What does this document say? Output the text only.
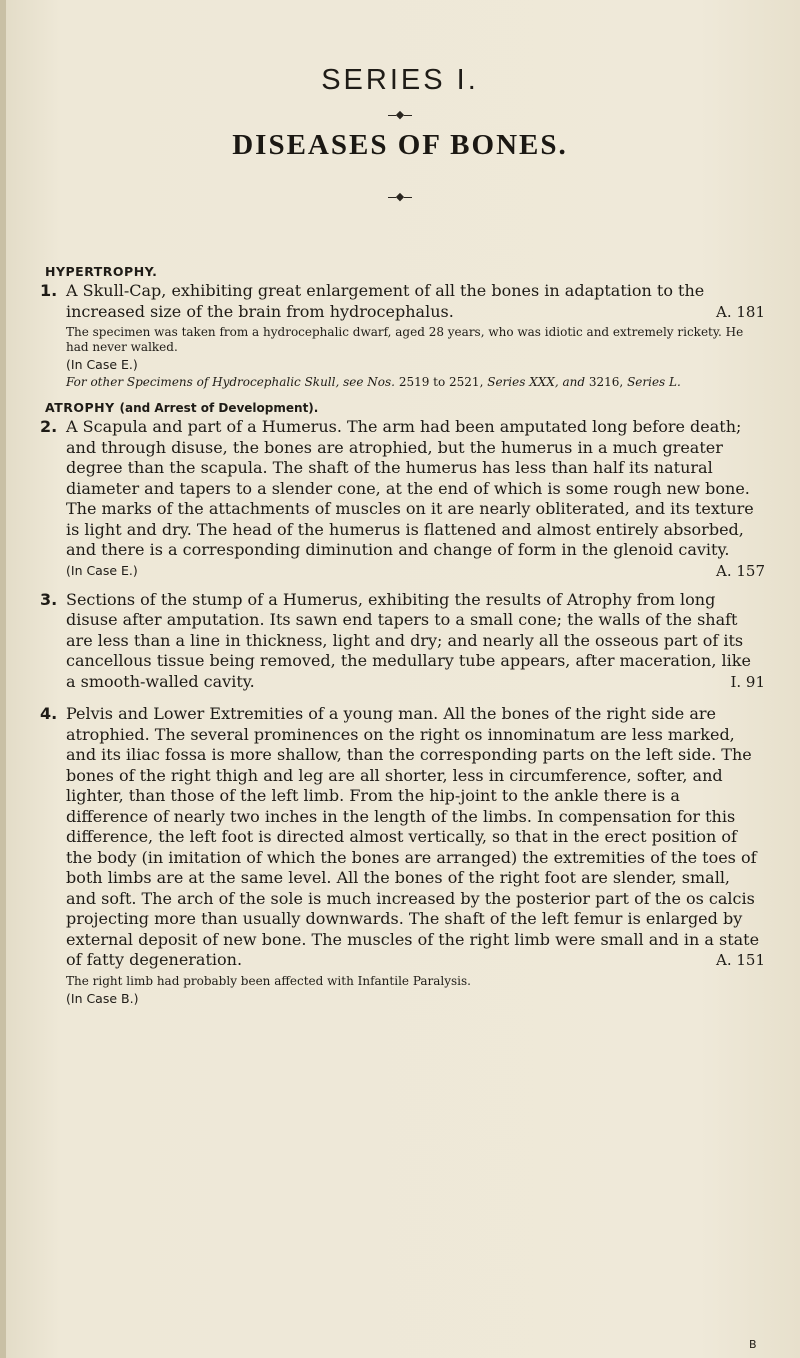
SERIES I.
◆
DISEASES OF BONES.
◆
HYPERTROPHY.
1. A Skull-Cap, exhibiting great enlargement of all the bones in adaptation to the increased size of the brain from hydrocephalus.	A. 181
The specimen was taken from a hydrocephalic dwarf, aged 28 years, who was idiotic and extremely rickety. He had never walked.
(In Case E.)
For other Specimens of Hydrocephalic Skull, see Nos. 2519 to 2521, Series XXX, and 3216, Series L.
ATROPHY (and Arrest of Development).
2. A Scapula and part of a Humerus. The arm had been amputated long before death; and through disuse, the bones are atrophied, but the humerus in a much greater degree than the scapula. The shaft of the humerus has less than half its natural diameter and tapers to a slender cone, at the end of which is some rough new bone. The marks of the attachments of muscles on it are nearly obliterated, and its texture is light and dry. The head of the humerus is flattened and almost entirely absorbed, and there is a corresponding diminution and change of form in the glenoid cavity.
A. 157
(In Case E.)
3. Sections of the stump of a Humerus, exhibiting the results of Atrophy from long disuse after amputation. Its sawn end tapers to a small cone; the walls of the shaft are less than a line in thickness, light and dry; and nearly all the osseous part of its cancellous tissue being removed, the medullary tube appears, after maceration, like a smooth-walled cavity.	I. 91
4. Pelvis and Lower Extremities of a young man. All the bones of the right side are atrophied. The several prominences on the right os innominatum are less marked, and its iliac fossa is more shallow, than the corresponding parts on the left side. The bones of the right thigh and leg are all shorter, less in circumference, softer, and lighter, than those of the left limb. From the hip-joint to the ankle there is a difference of nearly two inches in the length of the limbs. In compensation for this difference, the left foot is directed almost vertically, so that in the erect position of the body (in imitation of which the bones are arranged) the extremities of the toes of both limbs are at the same level. All the bones of the right foot are slender, small, and soft. The arch of the sole is much increased by the posterior part of the os calcis projecting more than usually downwards. The shaft of the left femur is enlarged by external deposit of new bone. The muscles of the right limb were small and in a state of fatty degeneration.	A. 151
The right limb had probably been affected with Infantile Paralysis.
(In Case B.)
B
